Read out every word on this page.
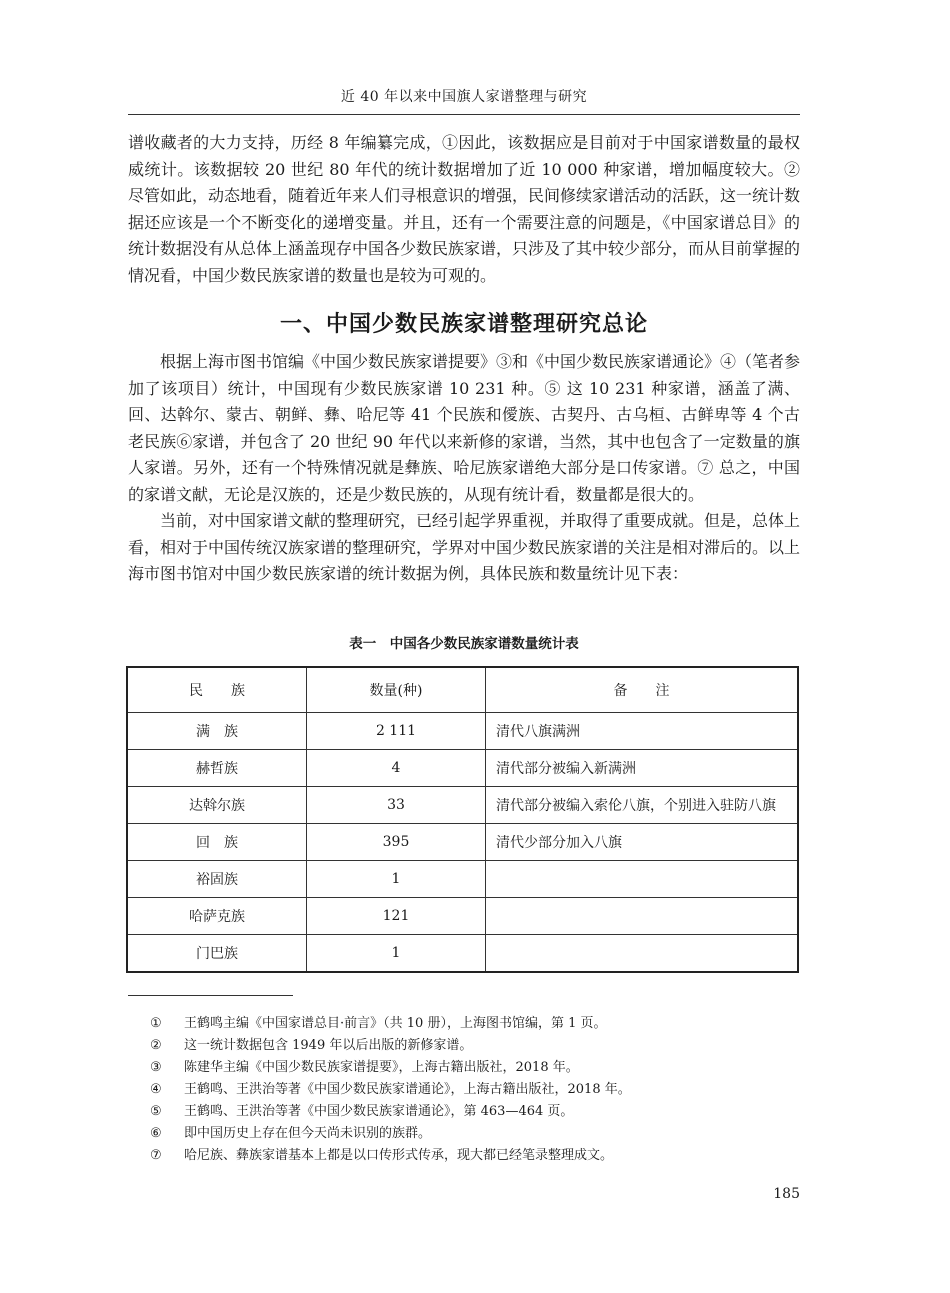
近 40 年以来中国旗人家谱整理与研究

谱收藏者的大力支持，历经 8 年编纂完成，①因此，该数据应是目前对于中国家谱数量的最权威统计。该数据较 20 世纪 80 年代的统计数据增加了近 10 000 种家谱，增加幅度较大。② 尽管如此，动态地看，随着近年来人们寻根意识的增强，民间修续家谱活动的活跃，这一统计数据还应该是一个不断变化的递增变量。并且，还有一个需要注意的问题是，《中国家谱总目》的统计数据没有从总体上涵盖现存中国各少数民族家谱，只涉及了其中较少部分，而从目前掌握的情况看，中国少数民族家谱的数量也是较为可观的。

一、中国少数民族家谱整理研究总论

根据上海市图书馆编《中国少数民族家谱提要》③和《中国少数民族家谱通论》④（笔者参加了该项目）统计，中国现有少数民族家谱 10 231 种。⑤ 这 10 231 种家谱，涵盖了满、回、达斡尔、蒙古、朝鲜、彝、哈尼等 41 个民族和僾族、古契丹、古乌桓、古鲜卑等 4 个古老民族⑥家谱，并包含了 20 世纪 90 年代以来新修的家谱，当然，其中也包含了一定数量的旗人家谱。另外，还有一个特殊情况就是彝族、哈尼族家谱绝大部分是口传家谱。⑦ 总之，中国的家谱文献，无论是汉族的，还是少数民族的，从现有统计看，数量都是很大的。

当前，对中国家谱文献的整理研究，已经引起学界重视，并取得了重要成就。但是，总体上看，相对于中国传统汉族家谱的整理研究，学界对中国少数民族家谱的关注是相对滞后的。以上海市图书馆对中国少数民族家谱的统计数据为例，具体民族和数量统计见下表：

表一　中国各少数民族家谱数量统计表
民　　族	数量(种)	备　　注
满　族	2 111	清代八旗满洲
赫哲族	4	清代部分被编入新满洲
达斡尔族	33	清代部分被编入索伦八旗，个别进入驻防八旗
回　族	395	清代少部分加入八旗
裕固族	1	
哈萨克族	121	
门巴族	1	
①	王鹤鸣主编《中国家谱总目·前言》（共 10 册），上海图书馆编，第 1 页。
②	这一统计数据包含 1949 年以后出版的新修家谱。
③	陈建华主编《中国少数民族家谱提要》，上海古籍出版社，2018 年。
④	王鹤鸣、王洪治等著《中国少数民族家谱通论》，上海古籍出版社，2018 年。
⑤	王鹤鸣、王洪治等著《中国少数民族家谱通论》，第 463—464 页。
⑥	即中国历史上存在但今天尚未识别的族群。
⑦	哈尼族、彝族家谱基本上都是以口传形式传承，现大都已经笔录整理成文。
185
